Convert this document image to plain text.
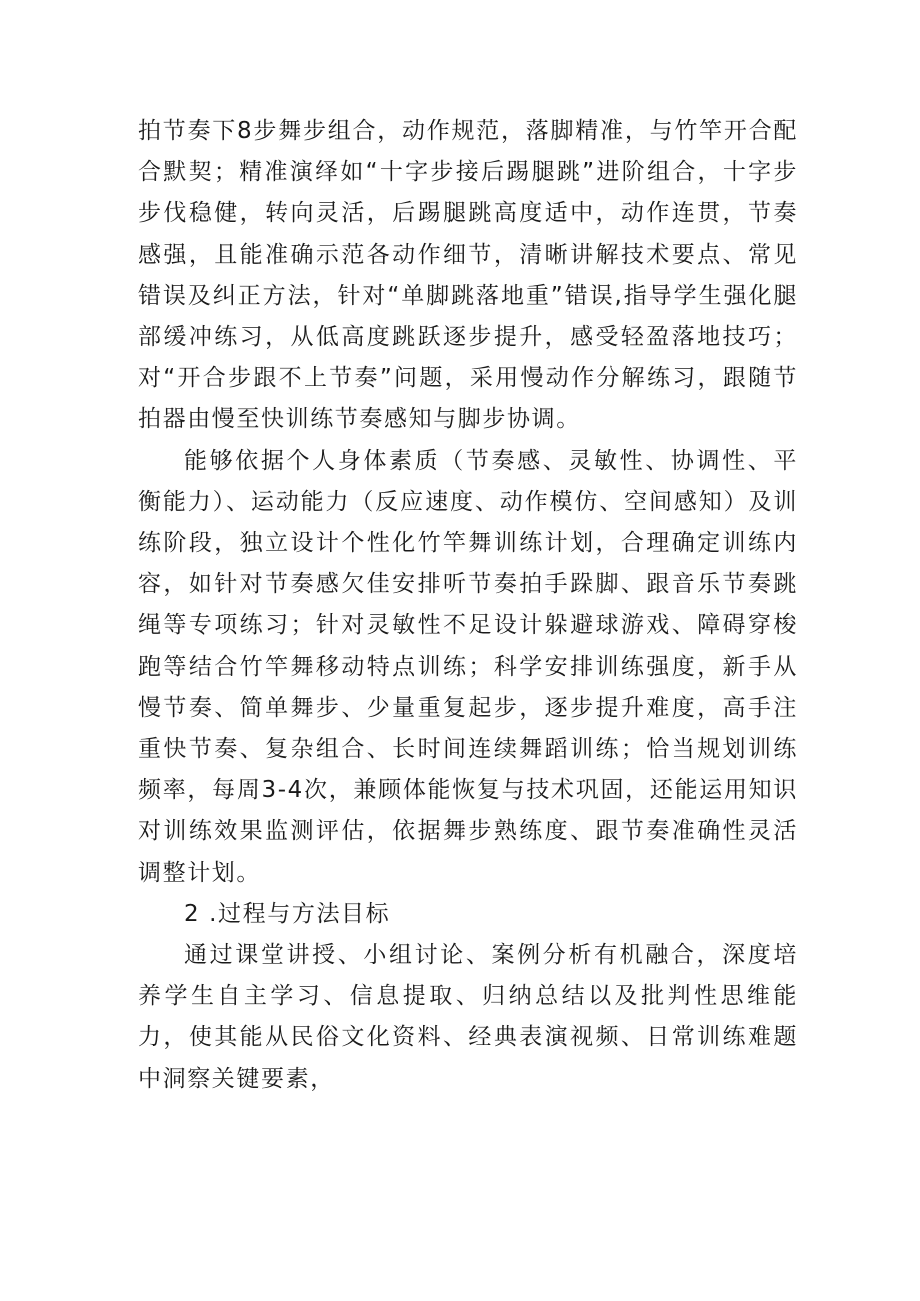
拍节奏下8步舞步组合，动作规范，落脚精准，与竹竿开合配合默契；精准演绎如“十字步接后踢腿跳”进阶组合，十字步步伐稳健，转向灵活，后踢腿跳高度适中，动作连贯，节奏感强，且能准确示范各动作细节，清晰讲解技术要点、常见错误及纠正方法，针对“单脚跳落地重”错误,指导学生强化腿部缓冲练习，从低高度跳跃逐步提升，感受轻盈落地技巧；对“开合步跟不上节奏”问题，采用慢动作分解练习，跟随节拍器由慢至快训练节奏感知与脚步协调。

能够依据个人身体素质（节奏感、灵敏性、协调性、平衡能力）、运动能力（反应速度、动作模仿、空间感知）及训练阶段，独立设计个性化竹竿舞训练计划，合理确定训练内容，如针对节奏感欠佳安排听节奏拍手跺脚、跟音乐节奏跳绳等专项练习；针对灵敏性不足设计躲避球游戏、障碍穿梭跑等结合竹竿舞移动特点训练；科学安排训练强度，新手从慢节奏、简单舞步、少量重复起步，逐步提升难度，高手注重快节奏、复杂组合、长时间连续舞蹈训练；恰当规划训练频率，每周3-4次，兼顾体能恢复与技术巩固，还能运用知识对训练效果监测评估，依据舞步熟练度、跟节奏准确性灵活调整计划。

2 .过程与方法目标

通过课堂讲授、小组讨论、案例分析有机融合，深度培养学生自主学习、信息提取、归纳总结以及批判性思维能力，使其能从民俗文化资料、经典表演视频、日常训练难题中洞察关键要素，
